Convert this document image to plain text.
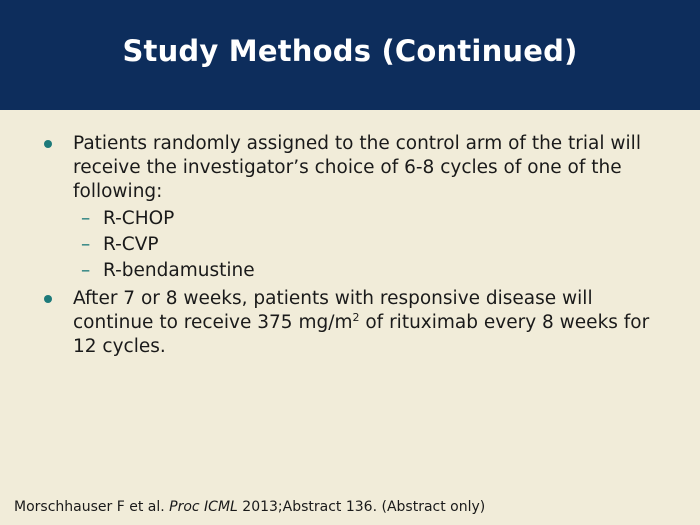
Study Methods (Continued)
Patients randomly assigned to the control arm of the trial will receive the investigator’s choice of 6-8 cycles of one of the following:
– R-CHOP
– R-CVP
– R-bendamustine
After 7 or 8 weeks, patients with responsive disease will continue to receive 375 $mg/m^2$ of rituximab every 8 weeks for 12 cycles.
Morschhauser F et al. Proc ICML 2013;Abstract 136. (Abstract only)
